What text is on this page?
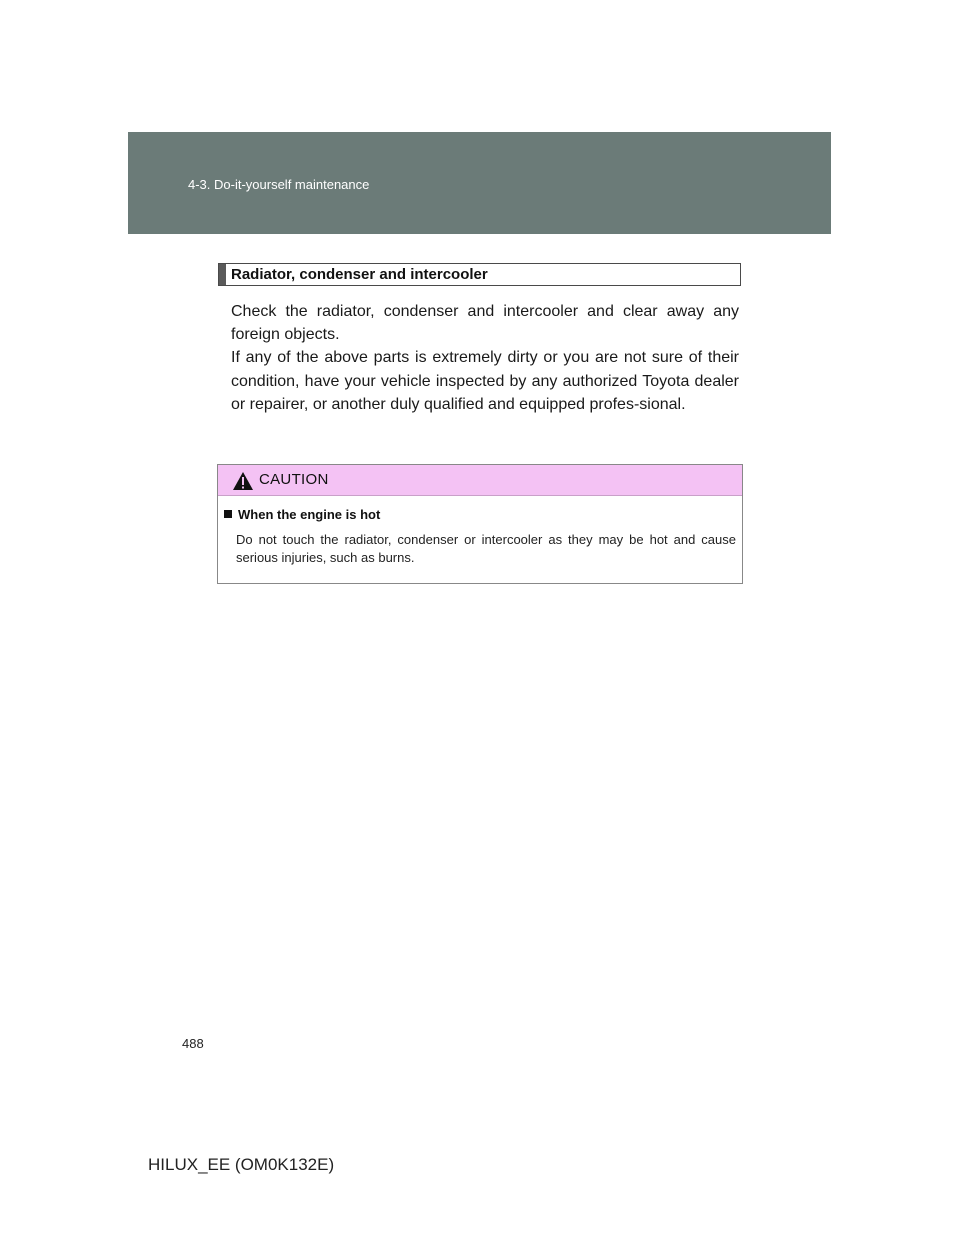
4-3. Do-it-yourself maintenance
Radiator, condenser and intercooler

Check the radiator, condenser and intercooler and clear away any foreign objects.

If any of the above parts is extremely dirty or you are not sure of their condition, have your vehicle inspected by any authorized Toyota dealer or repairer, or another duly qualified and equipped profes-sional.

CAUTION
When the engine is hot
Do not touch the radiator, condenser or intercooler as they may be hot and cause serious injuries, such as burns.
488
HILUX_EE (OM0K132E)
